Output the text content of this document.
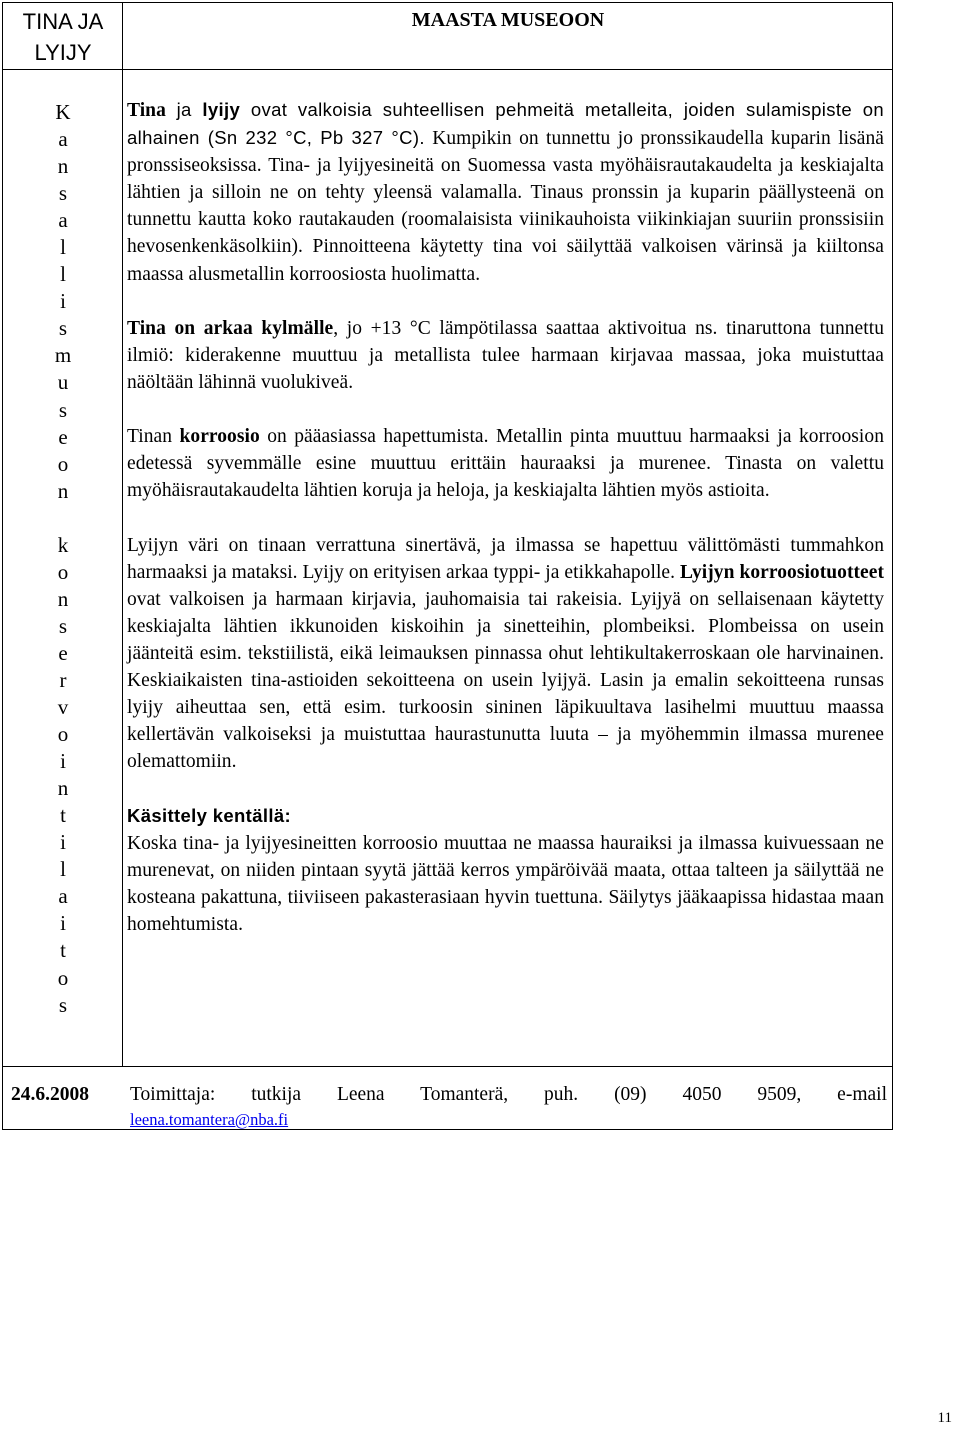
TINA JA
LYIJY
MAASTA MUSEOON
K
a
n
s
a
l
l
i
s
m
u
s
e
o
n

k
o
n
s
e
r
v
o
i
n
t
i
l
a
i
t
o
s
24.6.2008 Toimittaja: tutkija Leena Tomanterä, puh. (09) 4050 9509, e-mail
leena.tomantera@nba.fi

Tina ja lyijy ovat valkoisia suhteellisen pehmeitä metalleita, joiden sulamispiste on alhainen (Sn 232 °C, Pb 327 °C). Kumpikin on tunnettu jo pronssikaudella kuparin lisänä pronssiseoksissa. Tina- ja lyijyesineitä on Suomessa vasta myöhäisrautakaudelta ja keskiajalta lähtien ja silloin ne on tehty yleensä valamalla. Tinaus pronssin ja kuparin päällysteenä on tunnettu kautta koko rautakauden (roomalaisista viinikauhoista viikinkiajan suuriin pronssisiin hevosenkenkäsolkiin). Pinnoitteena käytetty tina voi säilyttää valkoisen värinsä ja kiiltonsa maassa alusmetallin korroosiosta huolimatta.

Tina on arkaa kylmälle, jo +13 °C lämpötilassa saattaa aktivoitua ns. tinaruttona tunnettu ilmiö: kiderakenne muuttuu ja metallista tulee harmaan kirjavaa massaa, joka muistuttaa näöltään lähinnä vuolukiveä.

Tinan korroosio on pääasiassa hapettumista. Metallin pinta muuttuu harmaaksi ja korroosion edetessä syvemmälle esine muuttuu erittäin hauraaksi ja murenee. Tinasta on valettu myöhäisrautakaudelta lähtien koruja ja heloja, ja keskiajalta lähtien myös astioita.

Lyijyn väri on tinaan verrattuna sinertävä, ja ilmassa se hapettuu välittömästi tummahkon harmaaksi ja mataksi. Lyijy on erityisen arkaa typpi- ja etikkahapolle. Lyijyn korroosiotuotteet ovat valkoisen ja harmaan kirjavia, jauhomaisia tai rakeisia. Lyijyä on sellaisenaan käytetty keskiajalta lähtien ikkunoiden kiskoihin ja sinetteihin, plombeiksi. Plombeissa on usein jäänteitä esim. tekstiilistä, eikä leimauksen pinnassa ohut lehtikultakerroskaan ole harvinainen. Keskiaikaisten tina-astioiden sekoitteena on usein lyijyä. Lasin ja emalin sekoitteena runsas lyijy aiheuttaa sen, että esim. turkoosin sininen läpikuultava lasihelmi muuttuu maassa kellertävän valkoiseksi ja muistuttaa haurastunutta luuta – ja myöhemmin ilmassa murenee olemattomiin.

Käsittely kentällä:

Koska tina- ja lyijyesineitten korroosio muuttaa ne maassa hauraiksi ja ilmassa kuivuessaan ne murenevat, on niiden pintaan syytä jättää kerros ympäröivää maata, ottaa talteen ja säilyttää ne kosteana pakattuna, tiiviiseen pakasterasiaan hyvin tuettuna. Säilytys jääkaapissa hidastaa maan homehtumista.

11
